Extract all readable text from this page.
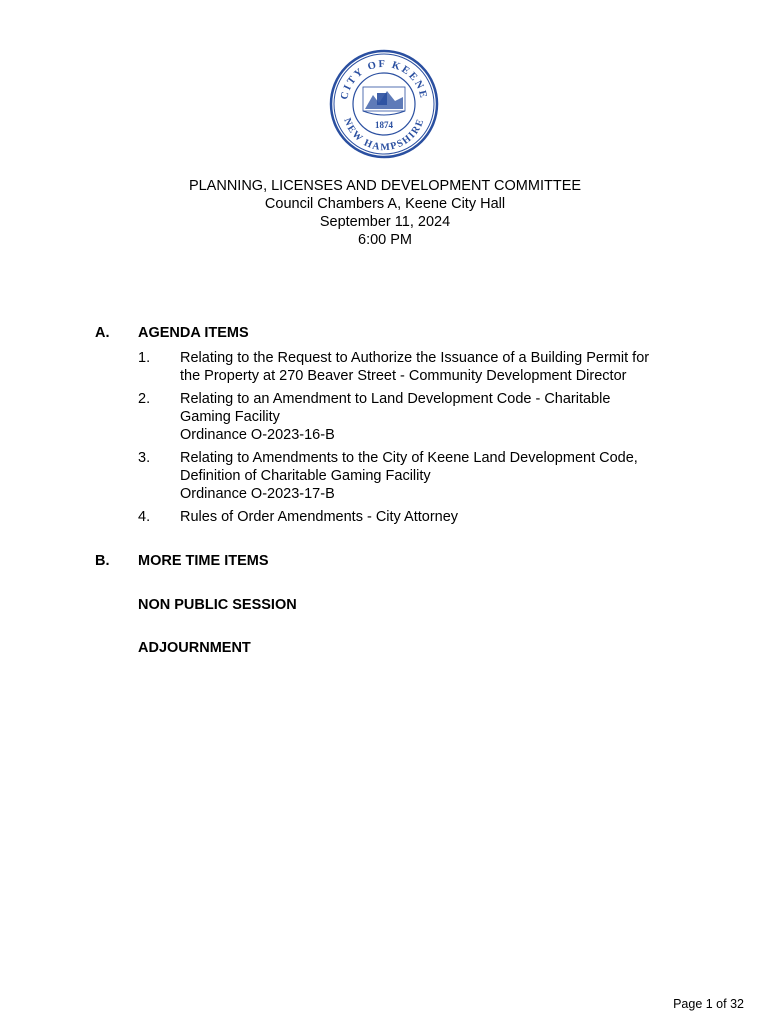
CITY OF KEENE
NEW HAMPSHIRE
1874
PLANNING, LICENSES AND DEVELOPMENT COMMITTEE
Council Chambers A, Keene City Hall
September 11, 2024
6:00 PM
A. AGENDA ITEMS
1. Relating to the Request to Authorize the Issuance of a Building Permit for
the Property at 270 Beaver Street - Community Development Director
2. Relating to an Amendment to Land Development Code - Charitable
Gaming Facility
Ordinance O-2023-16-B
3. Relating to Amendments to the City of Keene Land Development Code,
Definition of Charitable Gaming Facility
Ordinance O-2023-17-B
4. Rules of Order Amendments - City Attorney
B. MORE TIME ITEMS
NON PUBLIC SESSION
ADJOURNMENT
Page 1 of 32
